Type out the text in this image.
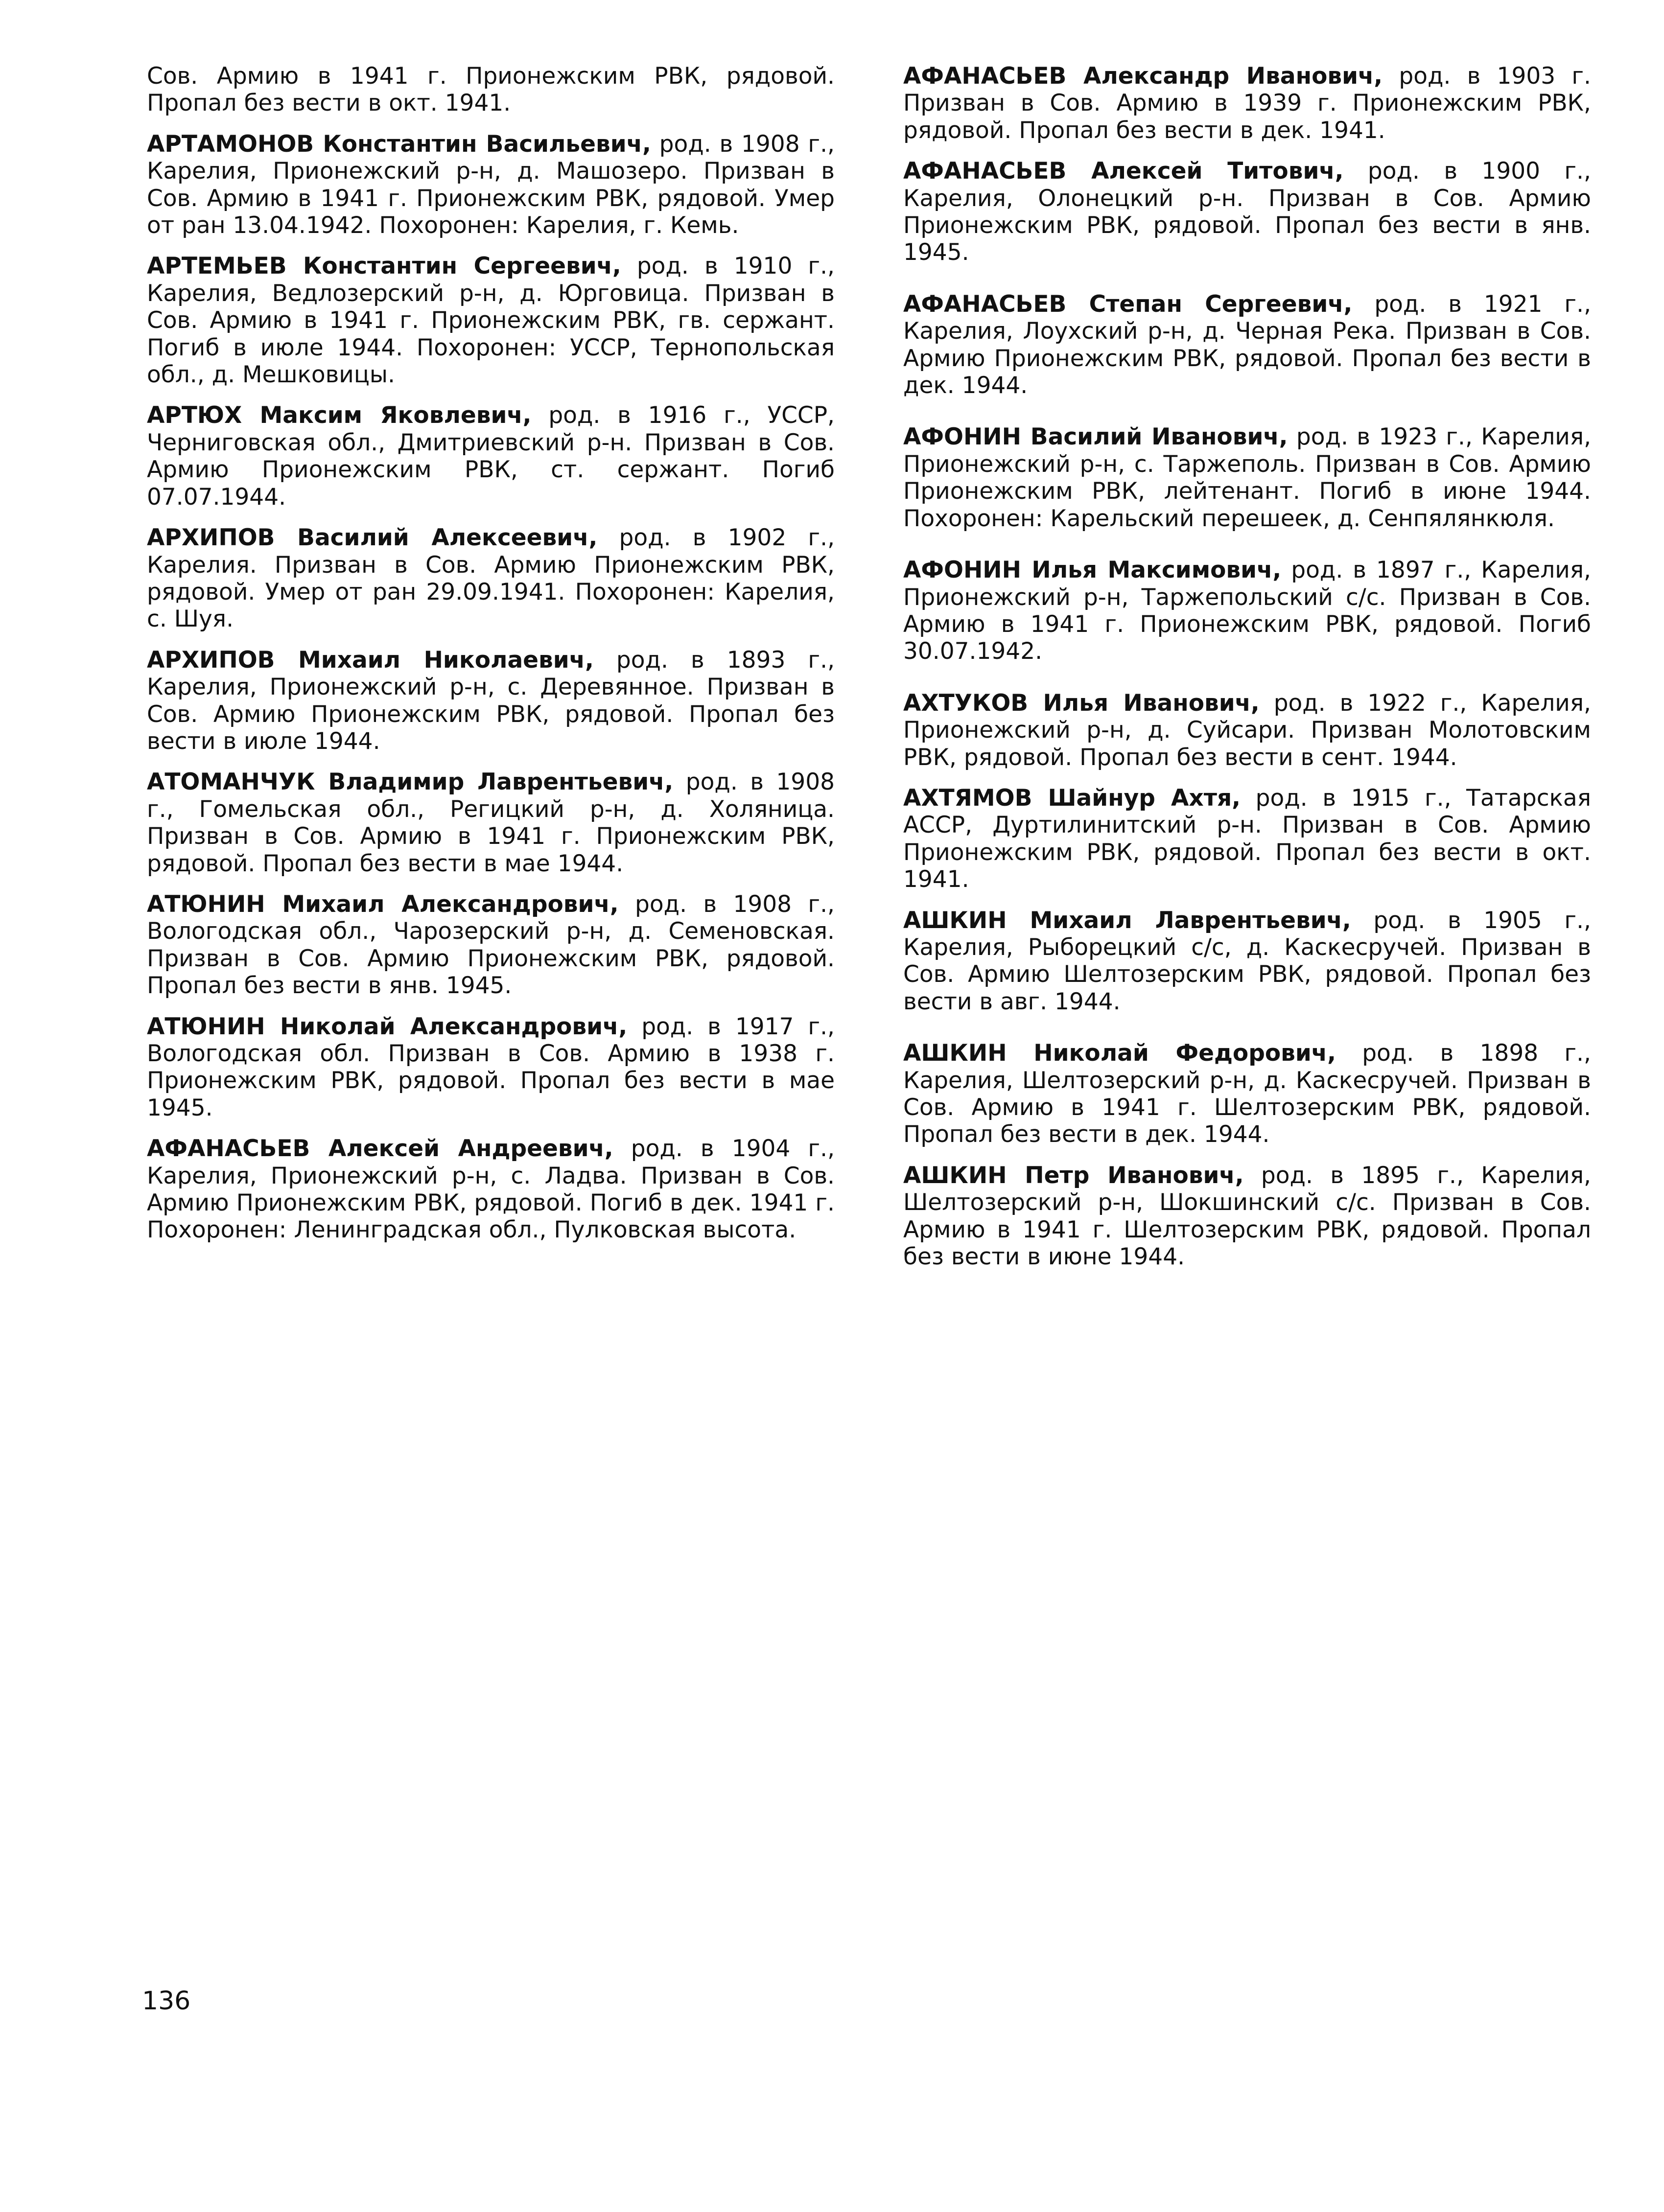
Сов. Армию в 1941 г. Прионежским РВК, рядовой. Пропал без вести в окт. 1941.

АРТАМОНОВ Константин Васильевич, род. в 1908 г., Карелия, Прионежский р-н, д. Машозеро. Призван в Сов. Армию в 1941 г. Прионежским РВК, рядовой. Умер от ран 13.04.1942. Похоронен: Карелия, г. Кемь.

АРТЕМЬЕВ Константин Сергеевич, род. в 1910 г., Карелия, Ведлозерский р-н, д. Юрговица. Призван в Сов. Армию в 1941 г. Прионежским РВК, гв. сержант. Погиб в июле 1944. Похоронен: УССР, Тернопольская обл., д. Мешковицы.

АРТЮХ Максим Яковлевич, род. в 1916 г., УССР, Черниговская обл., Дмитриевский р-н. Призван в Сов. Армию Прионежским РВК, ст. сержант. Погиб 07.07.1944.

АРХИПОВ Василий Алексеевич, род. в 1902 г., Карелия. Призван в Сов. Армию Прионежским РВК, рядовой. Умер от ран 29.09.1941. Похоронен: Карелия, с. Шуя.

АРХИПОВ Михаил Николаевич, род. в 1893 г., Карелия, Прионежский р-н, с. Деревянное. Призван в Сов. Армию Прионежским РВК, рядовой. Пропал без вести в июле 1944.

АТОМАНЧУК Владимир Лаврентьевич, род. в 1908 г., Гомельская обл., Регицкий р-н, д. Холяница. Призван в Сов. Армию в 1941 г. Прионежским РВК, рядовой. Пропал без вести в мае 1944.

АТЮНИН Михаил Александрович, род. в 1908 г., Вологодская обл., Чарозерский р-н, д. Семеновская. Призван в Сов. Армию Прионежским РВК, рядовой. Пропал без вести в янв. 1945.

АТЮНИН Николай Александрович, род. в 1917 г., Вологодская обл. Призван в Сов. Армию в 1938 г. Прионежским РВК, рядовой. Пропал без вести в мае 1945.

АФАНАСЬЕВ Алексей Андреевич, род. в 1904 г., Карелия, Прионежский р-н, с. Ладва. Призван в Сов. Армию Прионежским РВК, рядовой. Погиб в дек. 1941 г. Похоронен: Ленинградская обл., Пулковская высота.

АФАНАСЬЕВ Александр Иванович, род. в 1903 г. Призван в Сов. Армию в 1939 г. Прионежским РВК, рядовой. Пропал без вести в дек. 1941.

АФАНАСЬЕВ Алексей Титович, род. в 1900 г., Карелия, Олонецкий р-н. Призван в Сов. Армию Прионежским РВК, рядовой. Пропал без вести в янв. 1945.

АФАНАСЬЕВ Степан Сергеевич, род. в 1921 г., Карелия, Лоухский р-н, д. Черная Река. Призван в Сов. Армию Прионежским РВК, рядовой. Пропал без вести в дек. 1944.

АФОНИН Василий Иванович, род. в 1923 г., Карелия, Прионежский р-н, с. Таржеполь. Призван в Сов. Армию Прионежским РВК, лейтенант. Погиб в июне 1944. Похоронен: Карельский перешеек, д. Сенпялянкюля.

АФОНИН Илья Максимович, род. в 1897 г., Карелия, Прионежский р-н, Таржепольский с/с. Призван в Сов. Армию в 1941 г. Прионежским РВК, рядовой. Погиб 30.07.1942.

АХТУКОВ Илья Иванович, род. в 1922 г., Карелия, Прионежский р-н, д. Суйсари. Призван Молотовским РВК, рядовой. Пропал без вести в сент. 1944.

АХТЯМОВ Шайнур Ахтя, род. в 1915 г., Татарская АССР, Дуртилинитский р-н. Призван в Сов. Армию Прионежским РВК, рядовой. Пропал без вести в окт. 1941.

АШКИН Михаил Лаврентьевич, род. в 1905 г., Карелия, Рыборецкий с/с, д. Каскесручей. Призван в Сов. Армию Шелтозерским РВК, рядовой. Пропал без вести в авг. 1944.

АШКИН Николай Федорович, род. в 1898 г., Карелия, Шелтозерский р-н, д. Каскесручей. Призван в Сов. Армию в 1941 г. Шелтозерским РВК, рядовой. Пропал без вести в дек. 1944.

АШКИН Петр Иванович, род. в 1895 г., Карелия, Шелтозерский р-н, Шокшинский с/с. Призван в Сов. Армию в 1941 г. Шелтозерским РВК, рядовой. Пропал без вести в июне 1944.

136
